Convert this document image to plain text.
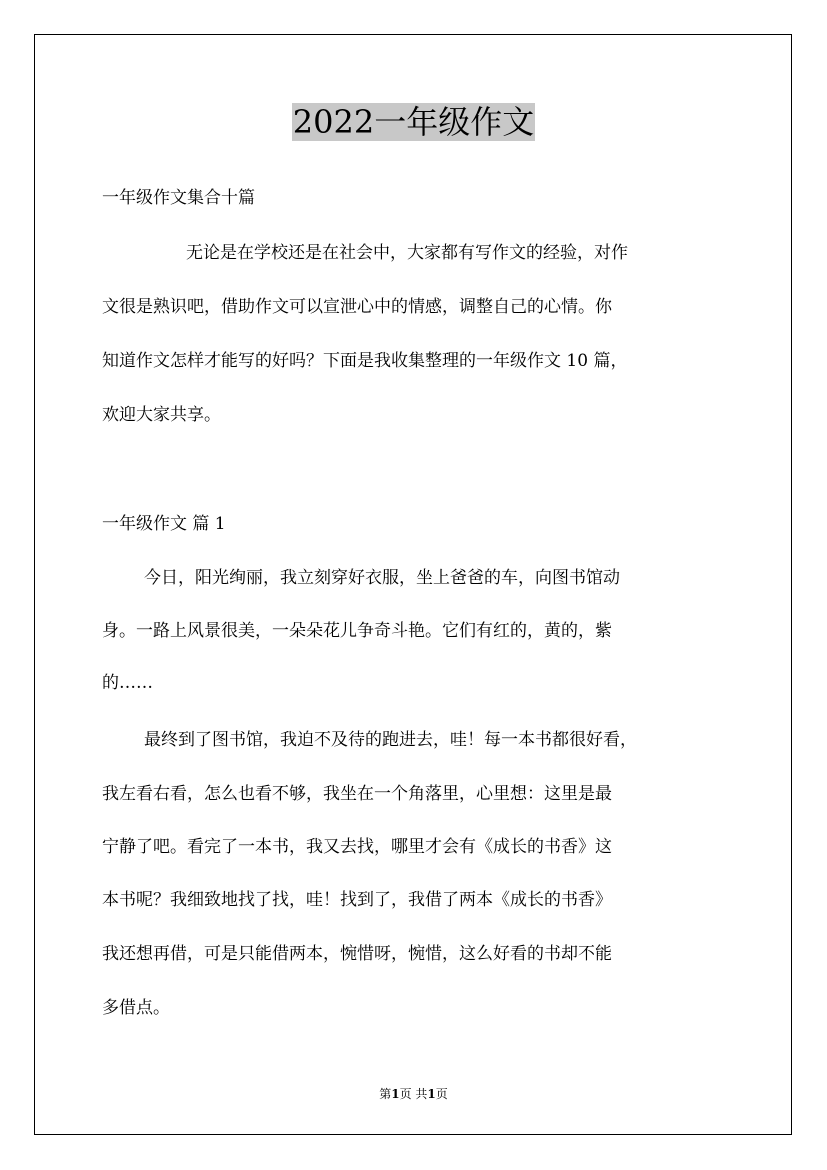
2022一年级作文
一年级作文集合十篇
无论是在学校还是在社会中，大家都有写作文的经验，对作
文很是熟识吧，借助作文可以宣泄心中的情感，调整自己的心情。你
知道作文怎样才能写的好吗？下面是我收集整理的一年级作文 10 篇，
欢迎大家共享。
一年级作文 篇 1
今日，阳光绚丽，我立刻穿好衣服，坐上爸爸的车，向图书馆动
身。一路上风景很美，一朵朵花儿争奇斗艳。它们有红的，黄的，紫
的……
最终到了图书馆，我迫不及待的跑进去，哇！每一本书都很好看，
我左看右看，怎么也看不够，我坐在一个角落里，心里想：这里是最
宁静了吧。看完了一本书，我又去找，哪里才会有《成长的书香》这
本书呢？我细致地找了找，哇！找到了，我借了两本《成长的书香》
我还想再借，可是只能借两本，惋惜呀，惋惜，这么好看的书却不能
多借点。
第1页 共1页
